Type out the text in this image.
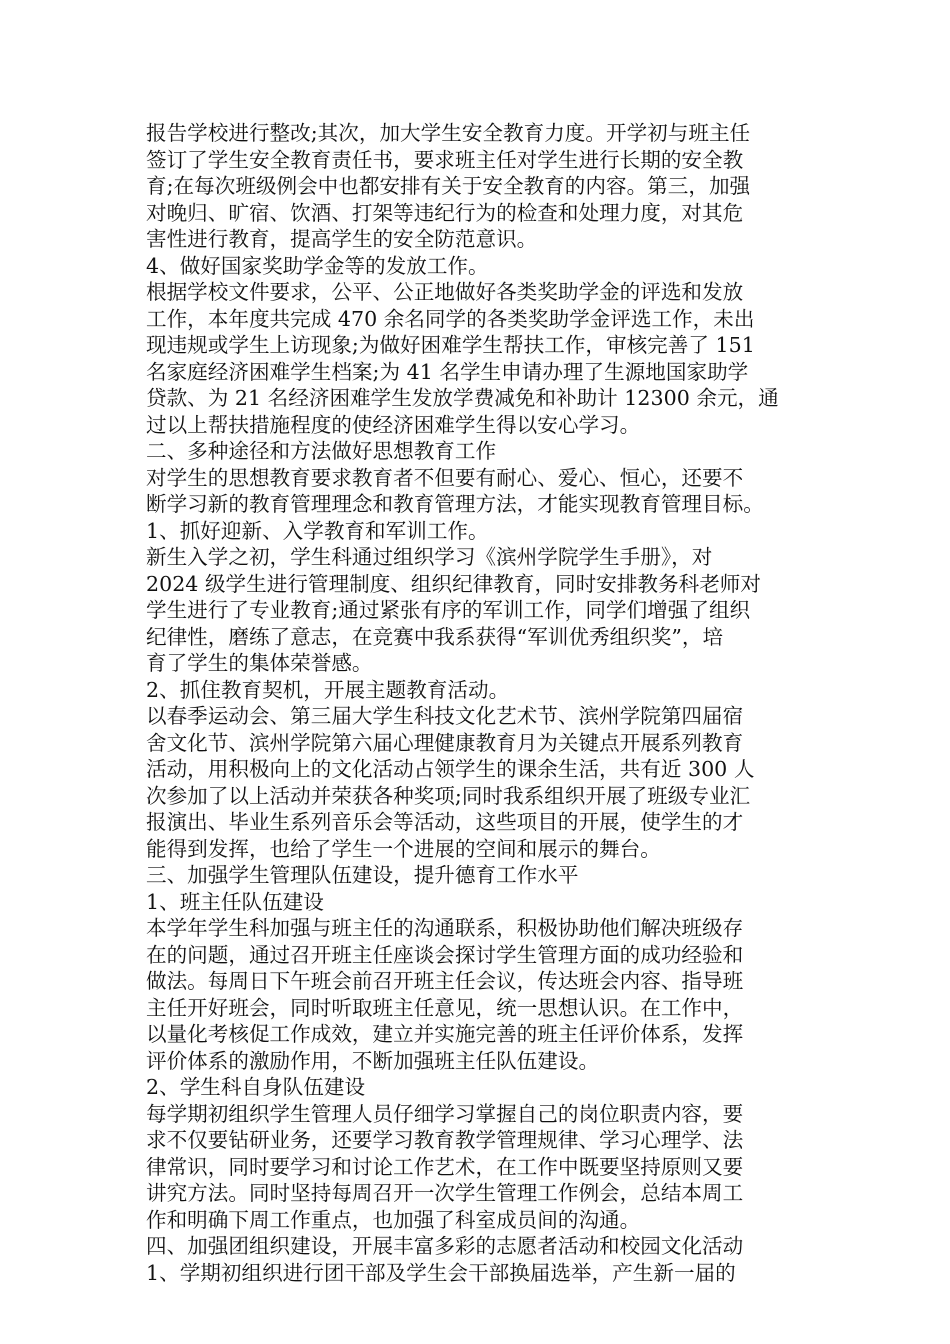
报告学校进行整改;其次，加大学生安全教育力度。开学初与班主任
签订了学生安全教育责任书，要求班主任对学生进行长期的安全教
育;在每次班级例会中也都安排有关于安全教育的内容。第三，加强
对晚归、旷宿、饮酒、打架等违纪行为的检查和处理力度，对其危
害性进行教育，提高学生的安全防范意识。
4、做好国家奖助学金等的发放工作。
根据学校文件要求，公平、公正地做好各类奖助学金的评选和发放
工作，本年度共完成 470 余名同学的各类奖助学金评选工作，未出
现违规或学生上访现象;为做好困难学生帮扶工作，审核完善了 151
名家庭经济困难学生档案;为 41 名学生申请办理了生源地国家助学
贷款、为 21 名经济困难学生发放学费减免和补助计 12300 余元，通
过以上帮扶措施程度的使经济困难学生得以安心学习。
二、多种途径和方法做好思想教育工作
对学生的思想教育要求教育者不但要有耐心、爱心、恒心，还要不
断学习新的教育管理理念和教育管理方法，才能实现教育管理目标。
1、抓好迎新、入学教育和军训工作。
新生入学之初，学生科通过组织学习《滨州学院学生手册》，对
2024 级学生进行管理制度、组织纪律教育，同时安排教务科老师对
学生进行了专业教育;通过紧张有序的军训工作，同学们增强了组织
纪律性，磨练了意志，在竞赛中我系获得“军训优秀组织奖”，培
育了学生的集体荣誉感。
2、抓住教育契机，开展主题教育活动。
以春季运动会、第三届大学生科技文化艺术节、滨州学院第四届宿
舍文化节、滨州学院第六届心理健康教育月为关键点开展系列教育
活动，用积极向上的文化活动占领学生的课余生活，共有近 300 人
次参加了以上活动并荣获各种奖项;同时我系组织开展了班级专业汇
报演出、毕业生系列音乐会等活动，这些项目的开展，使学生的才
能得到发挥，也给了学生一个进展的空间和展示的舞台。
三、加强学生管理队伍建设，提升德育工作水平
1、班主任队伍建设
本学年学生科加强与班主任的沟通联系，积极协助他们解决班级存
在的问题，通过召开班主任座谈会探讨学生管理方面的成功经验和
做法。每周日下午班会前召开班主任会议，传达班会内容、指导班
主任开好班会，同时听取班主任意见，统一思想认识。在工作中，
以量化考核促工作成效，建立并实施完善的班主任评价体系，发挥
评价体系的激励作用，不断加强班主任队伍建设。
2、学生科自身队伍建设
每学期初组织学生管理人员仔细学习掌握自己的岗位职责内容，要
求不仅要钻研业务，还要学习教育教学管理规律、学习心理学、法
律常识，同时要学习和讨论工作艺术，在工作中既要坚持原则又要
讲究方法。同时坚持每周召开一次学生管理工作例会，总结本周工
作和明确下周工作重点，也加强了科室成员间的沟通。
四、加强团组织建设，开展丰富多彩的志愿者活动和校园文化活动
1、学期初组织进行团干部及学生会干部换届选举，产生新一届的
